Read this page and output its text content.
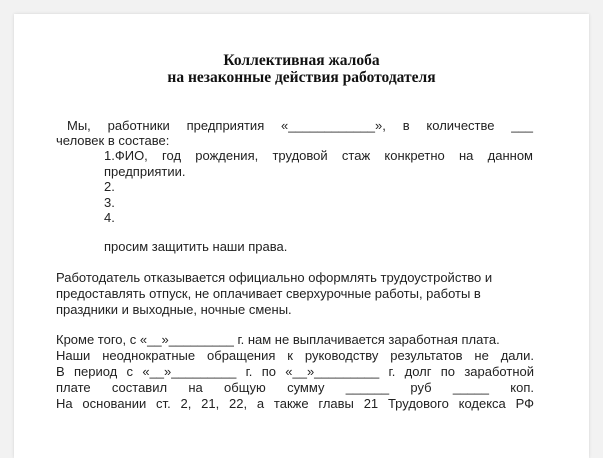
Коллективная жалоба
на незаконные действия работодателя
Мы, работники предприятия «____________», в количестве ___
человек в составе:
1.ФИО, год рождения, трудовой стаж конкретно на данном
предприятии.
2.
3.
4.
просим защитить наши права.
Работодатель отказывается официально оформлять трудоустройство и
предоставлять отпуск, не оплачивает сверхурочные работы, работы в
праздники и выходные, ночные смены.
Кроме того, с «__»_________ г. нам не выплачивается заработная плата.
Наши неоднократные обращения к руководству результатов не дали.
В период с «__»_________ г. по «__»_________ г. долг по заработной
плате составил на общую сумму ______ руб _____ коп.
На основании ст. 2, 21, 22, а также главы 21 Трудового кодекса РФ
